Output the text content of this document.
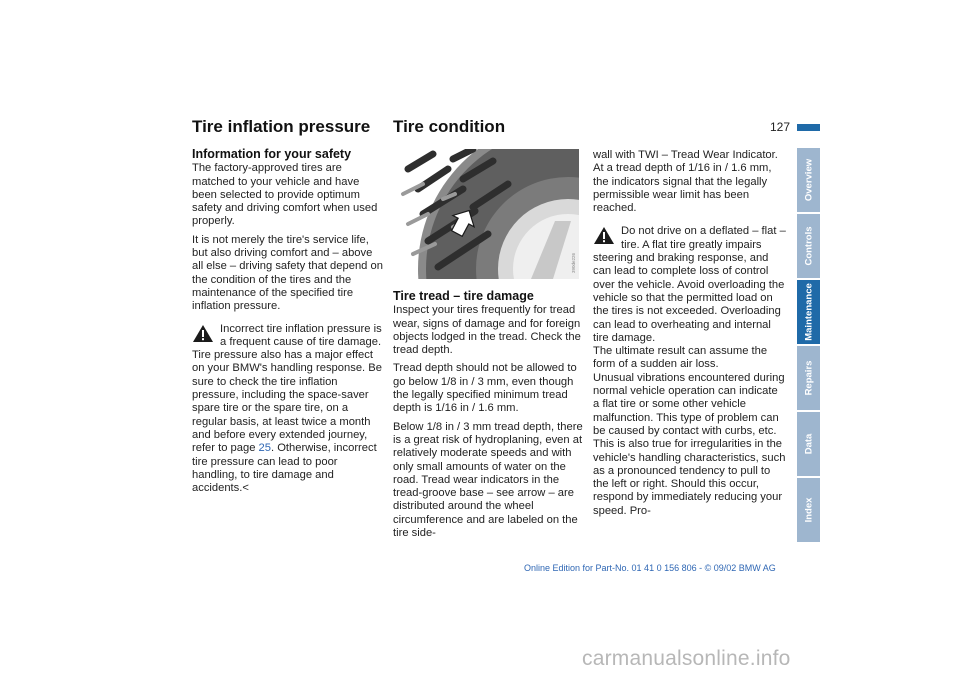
Tire inflation pressure Tire condition	127
Information for your safety

The factory-approved tires are matched to your vehicle and have been selected to provide optimum safety and driving comfort when used properly.

It is not merely the tire's service life, but also driving comfort and – above all else – driving safety that depend on the condition of the tires and the maintenance of the specified tire inflation pressure.

Incorrect tire inflation pressure is a frequent cause of tire damage. Tire pressure also has a major effect on your BMW's handling response. Be sure to check the tire inflation pressure, including the space-saver spare tire or the spare tire, on a regular basis, at least twice a month and before every extended journey, refer to page 25. Otherwise, incorrect tire pressure can lead to poor handling, to tire damage and accidents.<
390de226
Tire tread – tire damage

Inspect your tires frequently for tread wear, signs of damage and for foreign objects lodged in the tread. Check the tread depth.

Tread depth should not be allowed to go below 1/8 in / 3 mm, even though the legally specified minimum tread depth is 1/16 in / 1.6 mm.

Below 1/8 in / 3 mm tread depth, there is a great risk of hydroplaning, even at relatively moderate speeds and with only small amounts of water on the road. Tread wear indicators in the tread-groove base – see arrow – are distributed around the wheel circumference and are labeled on the tire side-

wall with TWI – Tread Wear Indicator. At a tread depth of 1/16 in / 1.6 mm, the indicators signal that the legally permissible wear limit has been reached.

Do not drive on a deflated – flat – tire. A flat tire greatly impairs steering and braking response, and can lead to complete loss of control over the vehicle. Avoid overloading the vehicle so that the permitted load on the tires is not exceeded. Overloading can lead to overheating and internal tire damage.
The ultimate result can assume the form of a sudden air loss.
Unusual vibrations encountered during normal vehicle operation can indicate a flat tire or some other vehicle malfunction. This type of problem can be caused by contact with curbs, etc. This is also true for irregularities in the vehicle's handling characteristics, such as a pronounced tendency to pull to the left or right. Should this occur, respond by immediately reducing your speed. Pro-
Overview
Controls
Maintenance
Repairs
Data
Index
Online Edition for Part-No. 01 41 0 156 806 - © 09/02 BMW AG
carmanualsonline.info
